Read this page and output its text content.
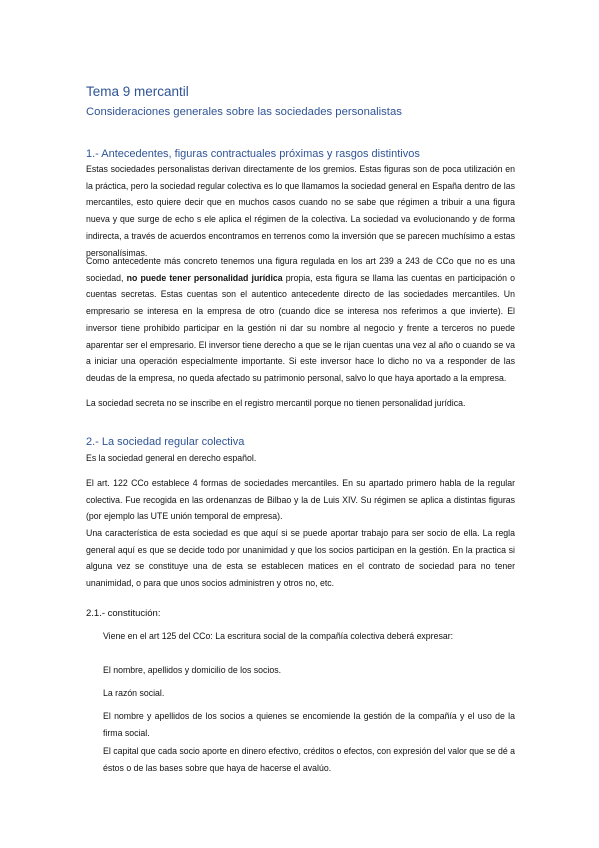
Tema 9 mercantil
Consideraciones generales sobre las sociedades personalistas
1.- Antecedentes, figuras contractuales próximas y rasgos distintivos

Estas sociedades personalistas derivan directamente de los gremios. Estas figuras son de poca utilización en la práctica, pero la sociedad regular colectiva es lo que llamamos la sociedad general en España dentro de las mercantiles, esto quiere decir que en muchos casos cuando no se sabe que régimen a tribuir a una figura nueva y que surge de echo s ele aplica el régimen de la colectiva. La sociedad va evolucionando y de forma indirecta, a través de acuerdos encontramos en terrenos como la inversión que se parecen muchísimo a estas personalísimas.

Como antecedente más concreto tenemos una figura regulada en los art 239 a 243 de CCo que no es una sociedad, no puede tener personalidad jurídica propia, esta figura se llama las cuentas en participación o cuentas secretas. Estas cuentas son el autentico antecedente directo de las sociedades mercantiles. Un empresario se interesa en la empresa de otro (cuando dice se interesa nos referimos a que invierte). El inversor tiene prohibido participar en la gestión ni dar su nombre al negocio y frente a terceros no puede aparentar ser el empresario. El inversor tiene derecho a que se le rijan cuentas una vez al año o cuando se va a iniciar una operación especialmente importante. Si este inversor hace lo dicho no va a responder de las deudas de la empresa, no queda afectado su patrimonio personal, salvo lo que haya aportado a la empresa.

La sociedad secreta no se inscribe en el registro mercantil porque no tienen personalidad jurídica.

2.- La sociedad regular colectiva

Es la sociedad general en derecho español.

El art. 122 CCo establece 4 formas de sociedades mercantiles. En su apartado primero habla de la regular colectiva. Fue recogida en las ordenanzas de Bilbao y la de Luis XIV. Su régimen se aplica a distintas figuras (por ejemplo las UTE unión temporal de empresa).

Una característica de esta sociedad es que aquí si se puede aportar trabajo para ser socio de ella. La regla general aquí es que se decide todo por unanimidad y que los socios participan en la gestión. En la practica si alguna vez se constituye una de esta se establecen matices en el contrato de sociedad para no tener unanimidad, o para que unos socios administren y otros no, etc.

2.1.- constitución:

Viene en el art 125 del CCo: La escritura social de la compañía colectiva deberá expresar:

El nombre, apellidos y domicilio de los socios.

La razón social.

El nombre y apellidos de los socios a quienes se encomiende la gestión de la compañía y el uso de la firma social.

El capital que cada socio aporte en dinero efectivo, créditos o efectos, con expresión del valor que se dé a éstos o de las bases sobre que haya de hacerse el avalúo.
